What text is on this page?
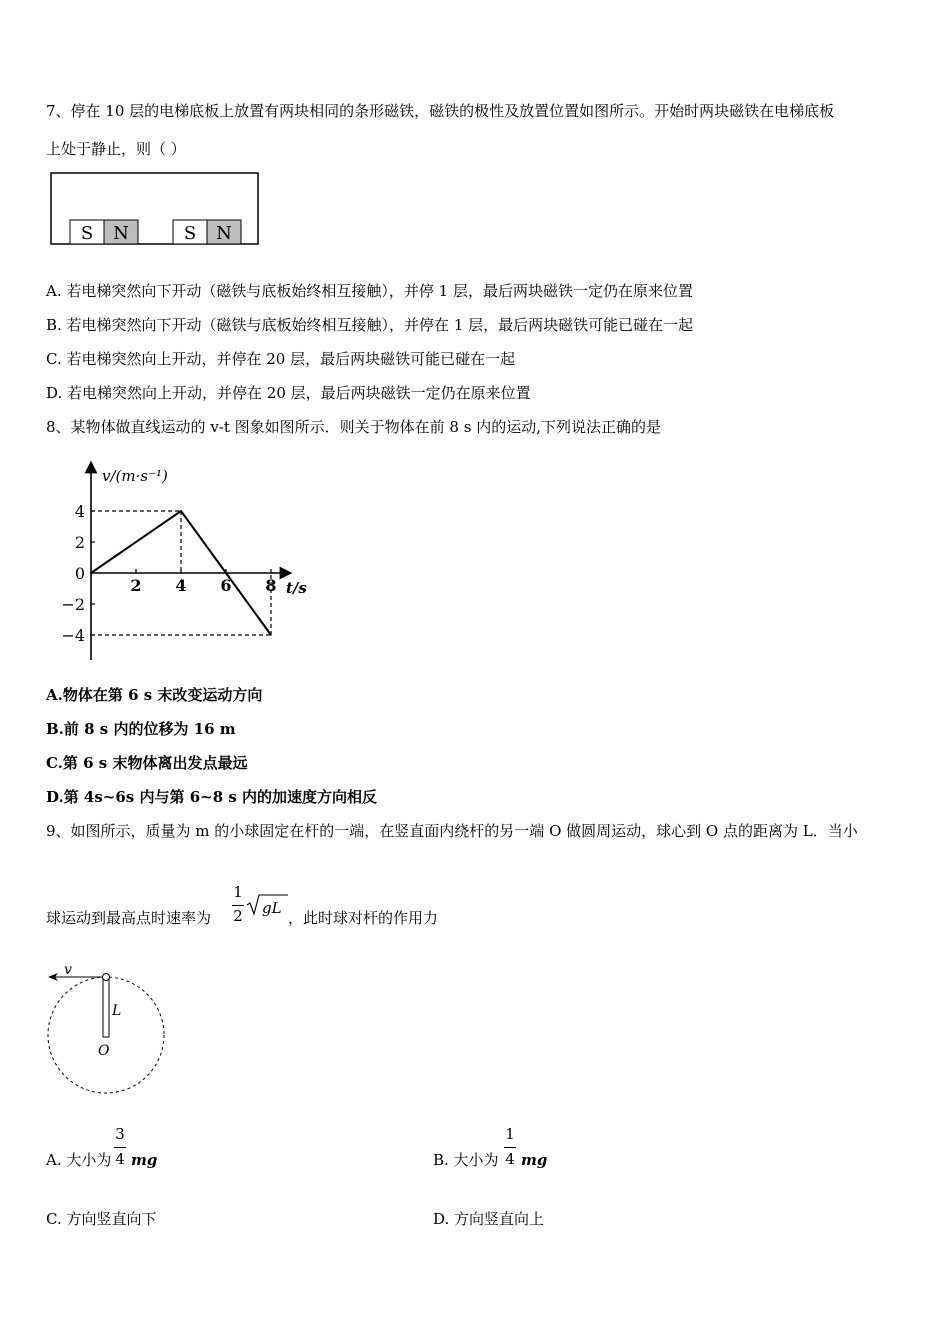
7、停在 10 层的电梯底板上放置有两块相同的条形磁铁，磁铁的极性及放置位置如图所示。开始时两块磁铁在电梯底板
上处于静止，则（ ）
S N	S N
A. 若电梯突然向下开动（磁铁与底板始终相互接触），并停 1 层，最后两块磁铁一定仍在原来位置
B. 若电梯突然向下开动（磁铁与底板始终相互接触），并停在 1 层，最后两块磁铁可能已碰在一起
C. 若电梯突然向上开动，并停在 20 层，最后两块磁铁可能已碰在一起
D. 若电梯突然向上开动，并停在 20 层，最后两块磁铁一定仍在原来位置
8、某物体做直线运动的 v-t 图象如图所示．则关于物体在前 8 s 内的运动,下列说法正确的是
v/(m·s⁻¹)
t/s
2 4 6 8
4
2
0
−2
−4
A.物体在第 6 s 末改变运动方向
B.前 8 s 内的位移为 16 m
C.第 6 s 末物体离出发点最远
D.第 4s~6s 内与第 6~8 s 内的加速度方向相反
9、如图所示，质量为 m 的小球固定在杆的一端，在竖直面内绕杆的另一端 O 做圆周运动，球心到 O 点的距离为 L．当小
球运动到最高点时速率为
1
2 gL
，此时球对杆的作用力
v
L
O
A. 大小为
3
4 mg	B. 大小为
1
4 mg
C. 方向竖直向下	D. 方向竖直向上
